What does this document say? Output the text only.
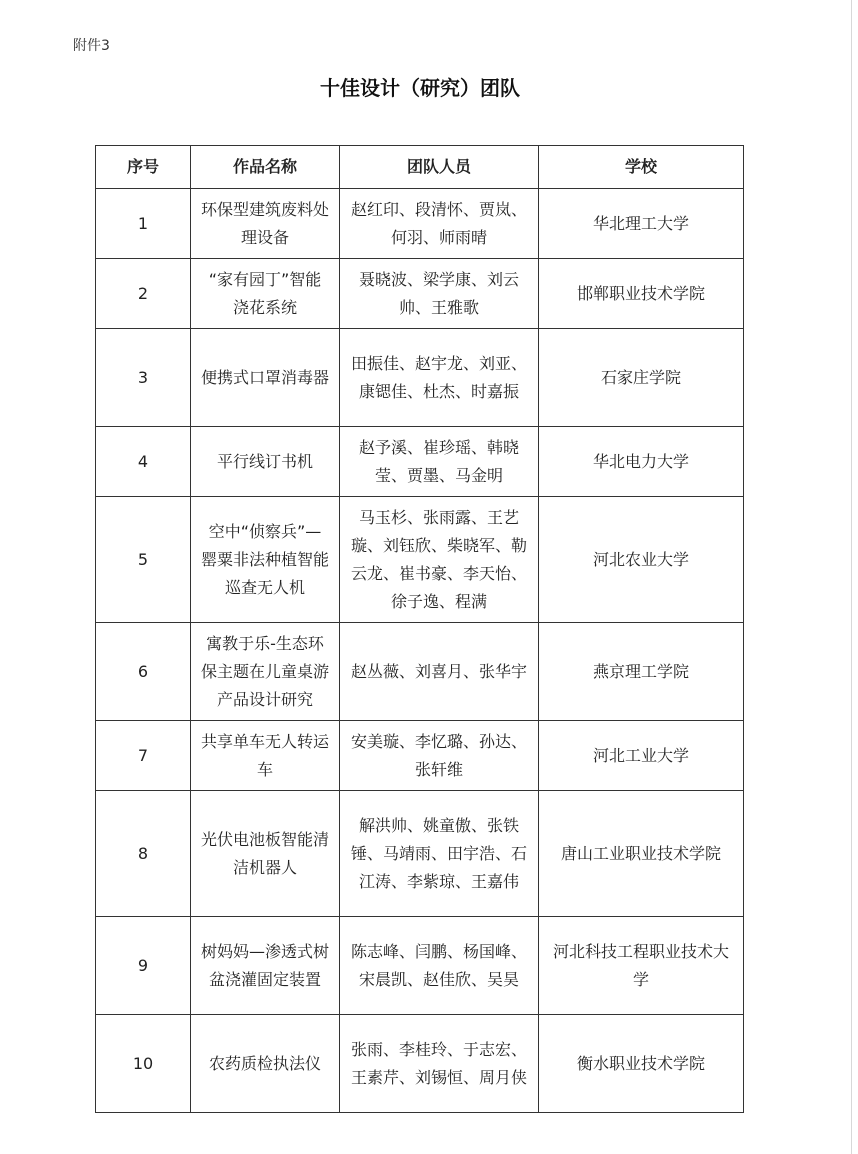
附件3
十佳设计（研究）团队
序号	作品名称	团队人员	学校
1	环保型建筑废料处理设备	赵红印、段清怀、贾岚、何羽、师雨晴	华北理工大学
2	“家有园丁”智能浇花系统	聂晓波、梁学康、刘云帅、王雅歌	邯郸职业技术学院
3	便携式口罩消毒器	田振佳、赵宇龙、刘亚、康锶佳、杜杰、时嘉振	石家庄学院
4	平行线订书机	赵予溪、崔珍瑶、韩晓莹、贾墨、马金明	华北电力大学
5	空中“侦察兵”—罂粟非法种植智能巡查无人机	马玉杉、张雨露、王艺璇、刘钰欣、柴晓军、勒云龙、崔书豪、李天怡、徐子逸、程满	河北农业大学
6	寓教于乐-生态环保主题在儿童桌游产品设计研究	赵丛薇、刘喜月、张华宇	燕京理工学院
7	共享单车无人转运车	安美璇、李忆璐、孙达、张轩维	河北工业大学
8	光伏电池板智能清洁机器人	解洪帅、姚童傲、张铁锤、马靖雨、田宇浩、石江涛、李紫琼、王嘉伟	唐山工业职业技术学院
9	树妈妈—渗透式树盆浇灌固定装置	陈志峰、闫鹏、杨国峰、宋晨凯、赵佳欣、吴昊	河北科技工程职业技术大学
10	农药质检执法仪	张雨、李桂玲、于志宏、王素芹、刘锡恒、周月侠	衡水职业技术学院
